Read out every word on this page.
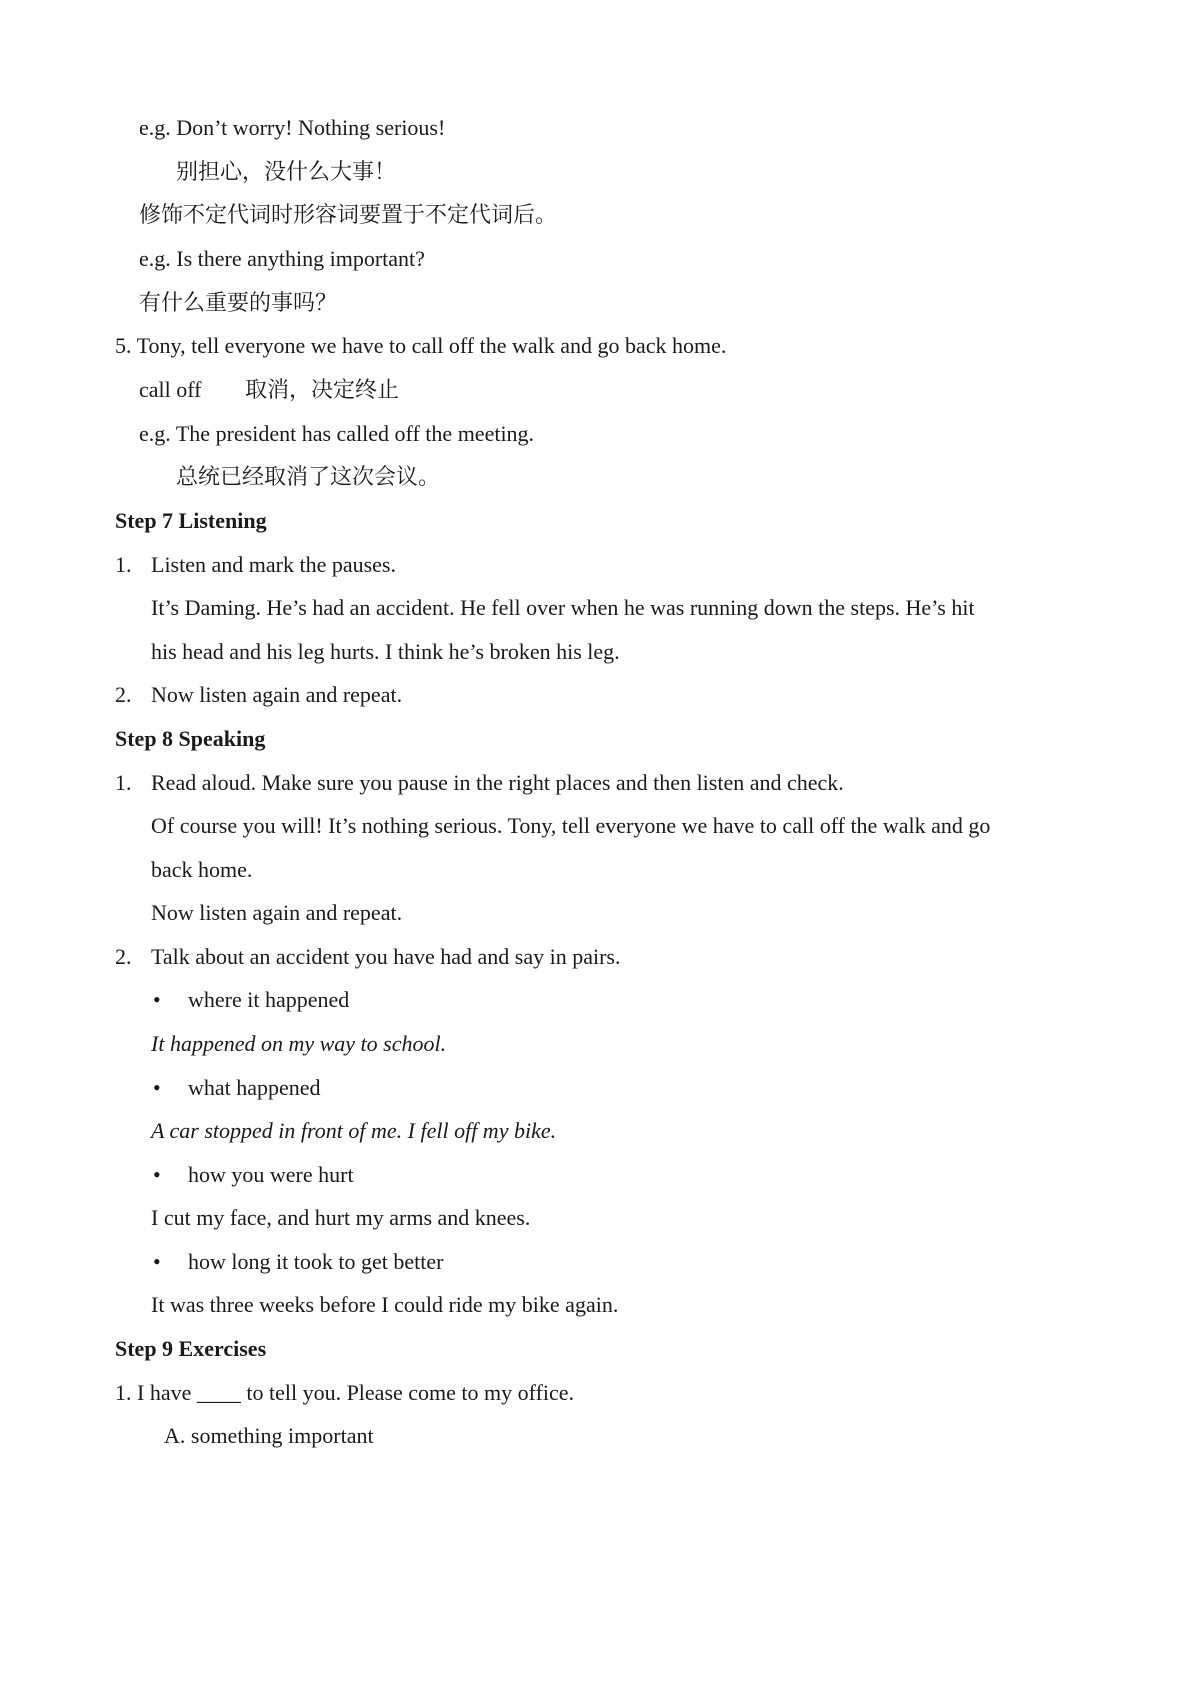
e.g. Don’t worry! Nothing serious!
别担心，没什么大事！
修饰不定代词时形容词要置于不定代词后。
e.g. Is there anything important?
有什么重要的事吗？
5. Tony, tell everyone we have to call off the walk and go back home.
call off 取消，决定终止
e.g. The president has called off the meeting.
总统已经取消了这次会议。
Step 7 Listening
1. Listen and mark the pauses.
It’s Daming. He’s had an accident. He fell over when he was running down the steps. He’s hit
his head and his leg hurts. I think he’s broken his leg.
2. Now listen again and repeat.
Step 8 Speaking
1. Read aloud. Make sure you pause in the right places and then listen and check.
Of course you will! It’s nothing serious. Tony, tell everyone we have to call off the walk and go
back home.
Now listen again and repeat.
2. Talk about an accident you have had and say in pairs.
• where it happened
It happened on my way to school.
• what happened
A car stopped in front of me. I fell off my bike.
• how you were hurt
I cut my face, and hurt my arms and knees.
• how long it took to get better
It was three weeks before I could ride my bike again.
Step 9 Exercises
1. I have ____ to tell you. Please come to my office.
A. something important
